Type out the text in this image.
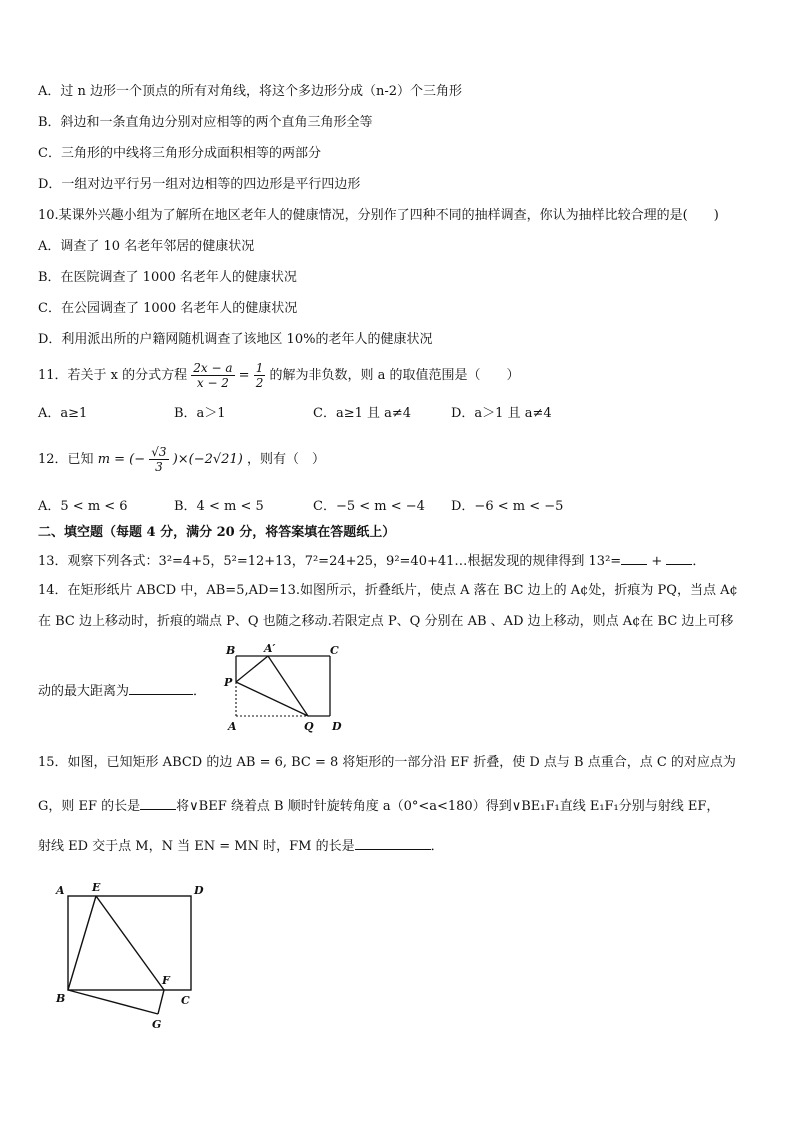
A．过 n 边形一个顶点的所有对角线，将这个多边形分成（n-2）个三角形
B．斜边和一条直角边分别对应相等的两个直角三角形全等
C．三角形的中线将三角形分成面积相等的两部分
D．一组对边平行另一组对边相等的四边形是平行四边形
10.某课外兴趣小组为了解所在地区老年人的健康情况，分别作了四种不同的抽样调查，你认为抽样比较合理的是(　　)
A．调查了 10 名老年邻居的健康状况
B．在医院调查了 1000 名老年人的健康状况
C．在公园调查了 1000 名老年人的健康状况
D．利用派出所的户籍网随机调查了该地区 10%的老年人的健康状况
11．若关于 x 的分式方程 $\frac{2x - a}{x - 2} = \frac{1}{2}$ 的解为非负数，则 a 的取值范围是（　　）
A．a≥1	B．a＞1	C．a≥1 且 a≠4	D．a＞1 且 a≠4
12．已知 m = (− $\frac{√3}{3} )\times(-2√21)$ ，则有（　）
A．5 < m < 6	B．4 < m < 5	C．−5 < m < −4 D．−6 < m < −5
二、填空题（每题 4 分，满分 20 分，将答案填在答题纸上）
13．观察下列各式：3²=4+5，5²=12+13，7²=24+25，9²=40+41…根据发现的规律得到 13²= + ．
14．在矩形纸片 ABCD 中，AB=5,AD=13.如图所示，折叠纸片，使点 A 落在 BC 边上的 A¢处，折痕为 PQ，当点 A¢
在 BC 边上移动时，折痕的端点 P、Q 也随之移动.若限定点 P、Q 分别在 AB 、AD 边上移动，则点 A¢在 BC 边上可移
动的最大距离为	．
B	A′	C
P
A	Q D
15．如图，已知矩形 ABCD 的边 AB = 6, BC = 8 将矩形的一部分沿 EF 折叠，使 D 点与 B 点重合，点 C 的对应点为
G，则 EF 的长是	将∨BEF 绕着点 B 顺时针旋转角度 a（0°<a<180）得到∨BE₁F₁直线 E₁F₁分别与射线 EF，
射线 ED 交于点 M，N 当 EN = MN 时，FM 的长是	．
A E	D
F
B	C
G
